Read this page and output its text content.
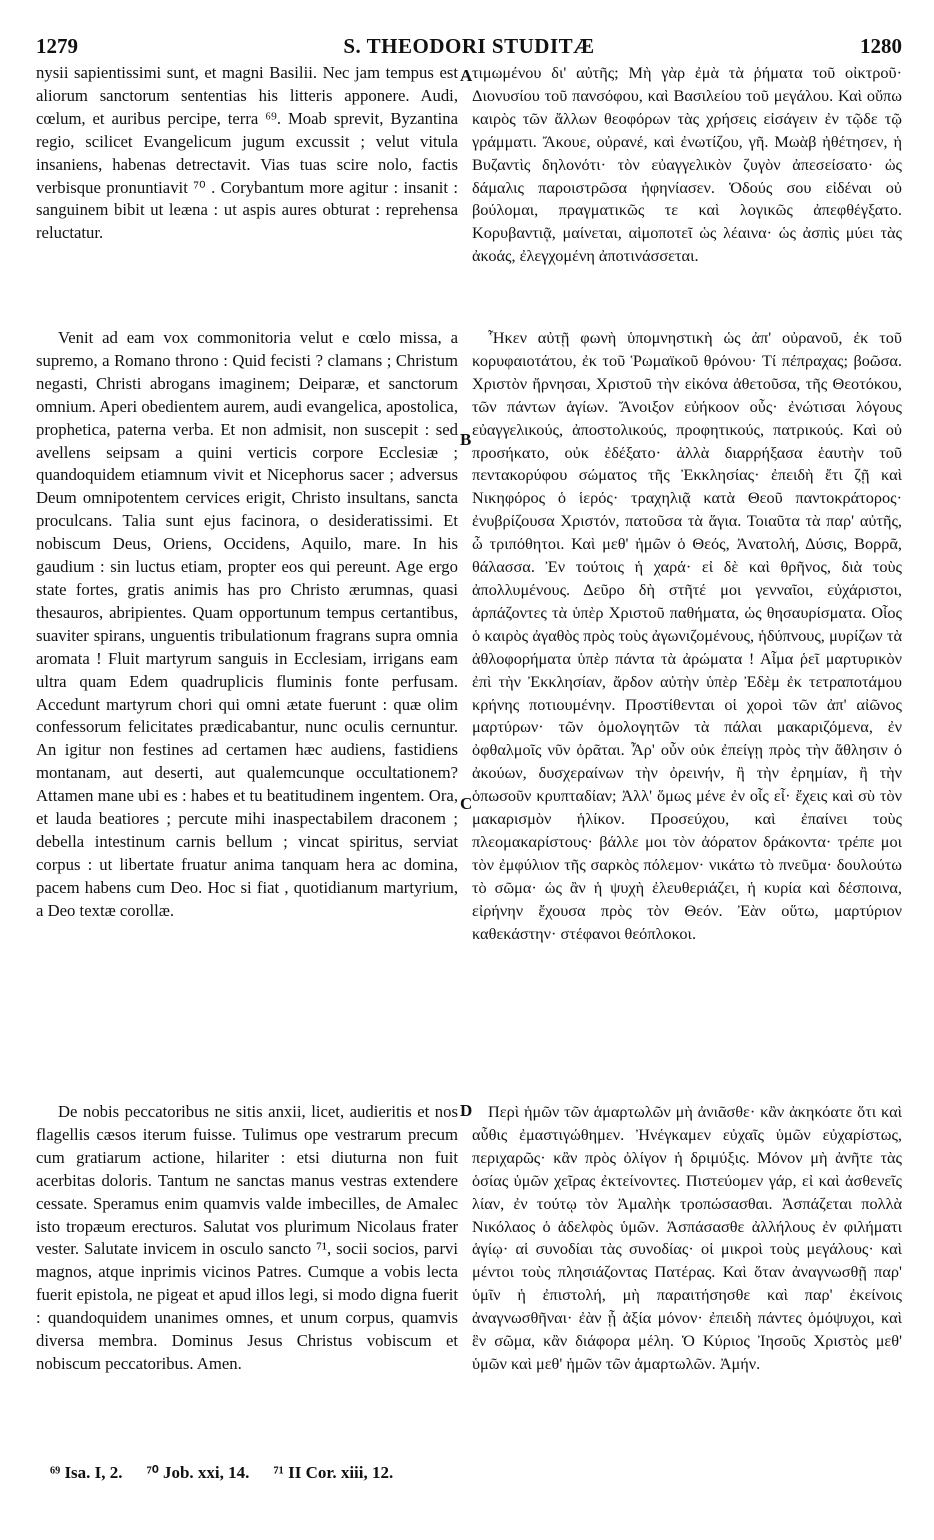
1279	S. THEODORI STUDITÆ	1280

nysii sapientissimi sunt, et magni Basilii. Nec jam tempus est aliorum sanctorum sententias his litteris apponere. Audi, cœlum, et auribus percipe, terra ⁶⁹. Moab sprevit, Byzantina regio, scilicet Evangelicum jugum excussit ; velut vitula insaniens, habenas detrectavit. Vias tuas scire nolo, factis verbisque pronuntiavit ⁷⁰ . Corybantum more agitur : insanit : sanguinem bibit ut leæna : ut aspis aures obturat : reprehensa reluctatur.

Venit ad eam vox commonitoria velut e cœlo missa, a supremo, a Romano throno : Quid fecisti ? clamans ; Christum negasti, Christi abrogans imaginem; Deiparæ, et sanctorum omnium. Aperi obedientem aurem, audi evangelica, apostolica, prophetica, paterna verba. Et non admisit, non suscepit : sed avellens seipsam a quini verticis corpore Ecclesiæ ; quandoquidem etiamnum vivit et Nicephorus sacer ; adversus Deum omnipotentem cervices erigit, Christo insultans, sancta proculcans. Talia sunt ejus facinora, o desideratissimi. Et nobiscum Deus, Oriens, Occidens, Aquilo, mare. In his gaudium : sin luctus etiam, propter eos qui pereunt. Age ergo state fortes, gratis animis has pro Christo ærumnas, quasi thesauros, abripientes. Quam opportunum tempus certantibus, suaviter spirans, unguentis tribulationum fragrans supra omnia aromata ! Fluit martyrum sanguis in Ecclesiam, irrigans eam ultra quam Edem quadruplicis fluminis fonte perfusam. Accedunt martyrum chori qui omni ætate fuerunt : quæ olim confessorum felicitates prædicabantur, nunc oculis cernuntur. An igitur non festines ad certamen hæc audiens, fastidiens montanam, aut deserti, aut qualemcunque occultationem? Attamen mane ubi es : habes et tu beatitudinem ingentem. Ora, et lauda beatiores ; percute mihi inaspectabilem draconem ; debella intestinum carnis bellum ; vincat spiritus, serviat corpus : ut libertate fruatur anima tanquam hera ac domina, pacem habens cum Deo. Hoc si fiat , quotidianum martyrium, a Deo textæ corollæ.

De nobis peccatoribus ne sitis anxii, licet, audieritis et nos flagellis cæsos iterum fuisse. Tulimus ope vestrarum precum cum gratiarum actione, hilariter : etsi diuturna non fuit acerbitas doloris. Tantum ne sanctas manus vestras extendere cessate. Speramus enim quamvis valde imbecilles, de Amalec isto tropæum erecturos. Salutat vos plurimum Nicolaus frater vester. Salutate invicem in osculo sancto ⁷¹, socii socios, parvi magnos, atque inprimis vicinos Patres. Cumque a vobis lecta fuerit epistola, ne pigeat et apud illos legi, si modo digna fuerit : quandoquidem unanimes omnes, et unum corpus, quamvis diversa membra. Dominus Jesus Christus vobiscum et nobiscum peccatoribus. Amen.

A
B
C
D

τιμωμένου δι' αὐτῆς; Μὴ γὰρ ἐμὰ τὰ ῥήματα τοῦ οἰκτροῦ· Διονυσίου τοῦ πανσόφου, καὶ Βασιλείου τοῦ μεγάλου. Καὶ οὔπω καιρὸς τῶν ἄλλων θεοφόρων τὰς χρήσεις εἰσάγειν ἐν τῷδε τῷ γράμματι. Ἄκουε, οὐρανέ, καὶ ἐνωτίζου, γῆ. Μωὰβ ἠθέτησεν, ἡ Βυζαντὶς δηλονότι· τὸν εὐαγγελικὸν ζυγὸν ἀπεσείσατο· ὡς δάμαλις παροιστρῶσα ἠφηνίασεν. Ὁδούς σου εἰδέναι οὐ βούλομαι, πραγματικῶς τε καὶ λογικῶς ἀπεφθέγξατο. Κορυβαντιᾷ, μαίνεται, αἱμοποτεῖ ὡς λέαινα· ὡς ἀσπὶς μύει τὰς ἀκοάς, ἐλεγχομένη ἀποτινάσσεται.

Ἧκεν αὐτῇ φωνὴ ὑπομνηστικὴ ὡς ἀπ' οὐρανοῦ, ἐκ τοῦ κορυφαιοτάτου, ἐκ τοῦ Ῥωμαϊκοῦ θρόνου· Τί πέπραχας; βοῶσα. Χριστὸν ἤρνησαι, Χριστοῦ τὴν εἰκόνα ἀθετοῦσα, τῆς Θεοτόκου, τῶν πάντων ἁγίων. Ἄνοιξον εὐήκοον οὖς· ἐνώτισαι λόγους εὐαγγελικούς, ἀποστολικούς, προφητικούς, πατρικούς. Καὶ οὐ προσήκατο, οὐκ ἐδέξατο· ἀλλὰ διαρρήξασα ἑαυτὴν τοῦ πεντακορύφου σώματος τῆς Ἐκκλησίας· ἐπειδὴ ἔτι ζῇ καὶ Νικηφόρος ὁ ἱερός· τραχηλιᾷ κατὰ Θεοῦ παντοκράτορος· ἐνυβρίζουσα Χριστόν, πατοῦσα τὰ ἅγια. Τοιαῦτα τὰ παρ' αὐτῆς, ὦ τριπόθητοι. Καὶ μεθ' ἡμῶν ὁ Θεός, Ἀνατολή, Δύσις, Βορρᾶ, θάλασσα. Ἐν τούτοις ἡ χαρά· εἰ δὲ καὶ θρῆνος, διὰ τοὺς ἀπολλυμένους. Δεῦρο δὴ στῆτέ μοι γενναῖοι, εὐχάριστοι, ἁρπάζοντες τὰ ὑπὲρ Χριστοῦ παθήματα, ὡς θησαυρίσματα. Οἷος ὁ καιρὸς ἀγαθὸς πρὸς τοὺς ἀγωνιζομένους, ἡδύπνους, μυρίζων τὰ ἀθλοφορήματα ὑπὲρ πάντα τὰ ἀρώματα ! Αἷμα ῥεῖ μαρτυρικὸν ἐπὶ τὴν Ἐκκλησίαν, ἄρδον αὐτὴν ὑπὲρ Ἐδὲμ ἐκ τετραποτάμου κρήνης ποτιουμένην. Προστίθενται οἱ χοροὶ τῶν ἀπ' αἰῶνος μαρτύρων· τῶν ὁμολογητῶν τὰ πάλαι μακαριζόμενα, ἐν ὀφθαλμοῖς νῦν ὁρᾶται. Ἆρ' οὖν οὐκ ἐπείγῃ πρὸς τὴν ἄθλησιν ὁ ἀκούων, δυσχεραίνων τὴν ὀρεινήν, ἢ τὴν ἐρημίαν, ἢ τὴν ὁπωσοῦν κρυπταδίαν; Ἀλλ' ὅμως μένε ἐν οἷς εἶ· ἔχεις καὶ σὺ τὸν μακαρισμὸν ἡλίκον. Προσεύχου, καὶ ἐπαίνει τοὺς πλεομακαρίστους· βάλλε μοι τὸν ἀόρατον δράκοντα· τρέπε μοι τὸν ἐμφύλιον τῆς σαρκὸς πόλεμον· νικάτω τὸ πνεῦμα· δουλούτω τὸ σῶμα· ὡς ἂν ἡ ψυχὴ ἐλευθεριάζει, ἡ κυρία καὶ δέσποινα, εἰρήνην ἔχουσα πρὸς τὸν Θεόν. Ἐὰν οὕτω, μαρτύριον καθεκάστην· στέφανοι θεόπλοκοι.

Περὶ ἡμῶν τῶν ἁμαρτωλῶν μὴ ἀνιᾶσθε· κἂν ἀκηκόατε ὅτι καὶ αὖθις ἐμαστιγώθημεν. Ἠνέγκαμεν εὐχαῖς ὑμῶν εὐχαρίστως, περιχαρῶς· κἂν πρὸς ὀλίγον ἡ δριμύξις. Μόνον μὴ ἀνῆτε τὰς ὁσίας ὑμῶν χεῖρας ἐκτείνοντες. Πιστεύομεν γάρ, εἰ καὶ ἀσθενεῖς λίαν, ἐν τούτῳ τὸν Ἀμαλὴκ τροπώσασθαι. Ἀσπάζεται πολλὰ Νικόλαος ὁ ἀδελφὸς ὑμῶν. Ἀσπάσασθε ἀλλήλους ἐν φιλήματι ἁγίῳ· αἱ συνοδίαι τὰς συνοδίας· οἱ μικροὶ τοὺς μεγάλους· καὶ μέντοι τοὺς πλησιάζοντας Πατέρας. Καὶ ὅταν ἀναγνωσθῇ παρ' ὑμῖν ἡ ἐπιστολή, μὴ παραιτήσησθε καὶ παρ' ἐκείνοις ἀναγνωσθῆναι· ἐὰν ᾖ ἀξία μόνον· ἐπειδὴ πάντες ὁμόψυχοι, καὶ ἓν σῶμα, κἂν διάφορα μέλη. Ὁ Κύριος Ἰησοῦς Χριστὸς μεθ' ὑμῶν καὶ μεθ' ἡμῶν τῶν ἁμαρτωλῶν. Ἀμήν.

⁶⁹ Isa. I, 2. ⁷⁰ Job. xxi, 14. ⁷¹ II Cor. xiii, 12.
